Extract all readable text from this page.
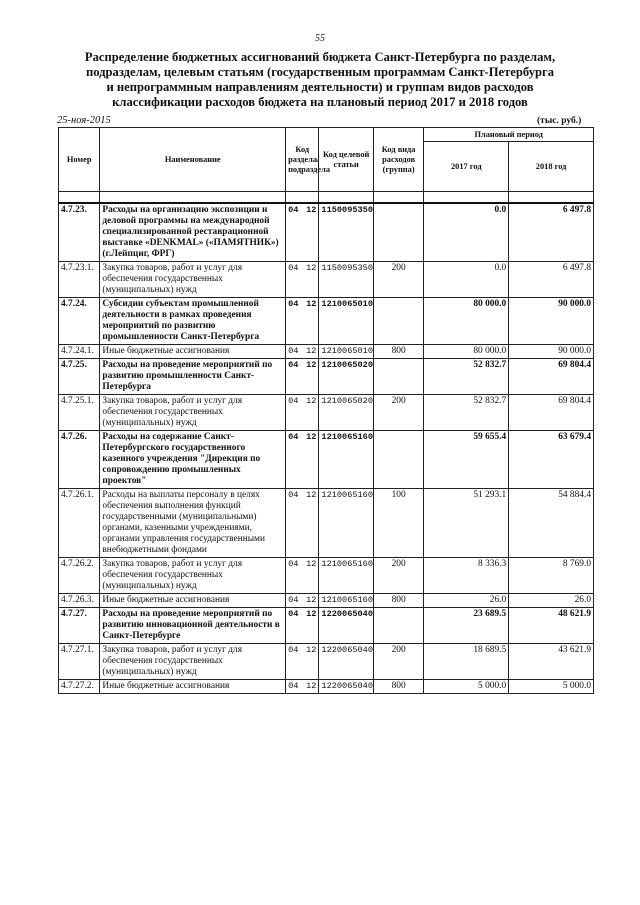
55
Распределение бюджетных ассигнований бюджета Санкт-Петербурга по разделам,
подразделам, целевым статьям (государственным программам Санкт-Петербурга
и непрограммным направлениям деятельности) и группам видов расходов
классификации расходов бюджета на плановый период 2017 и 2018 годов
25-ноя-2015	(тыс. руб.)
Номер	Наименование	Код раздела/ подраздела	Код целевой статьи	Код вида расходов (группа)	Плановый период	
					2017 год	2018 год

4.7.23.	Расходы на организацию экспозиции и деловой программы на международной специализированной реставрационной выставке «DENKMAL» («ПАМЯТНИК») (г.Лейпциг, ФРГ)	04 12	1150095350		0.0	6 497.8
4.7.23.1.	Закупка товаров, работ и услуг для обеспечения государственных (муниципальных) нужд	04 12	1150095350	200	0.0	6 497.8
4.7.24.	Субсидии субъектам промышленной деятельности в рамках проведения мероприятий по развитию промышленности Санкт-Петербурга	04 12	1210065010		80 000.0	90 000.0
4.7.24.1.	Иные бюджетные ассигнования	04 12	1210065010	800	80 000.0	90 000.0
4.7.25.	Расходы на проведение мероприятий по развитию промышленности Санкт-Петербурга	04 12	1210065020		52 832.7	69 804.4
4.7.25.1.	Закупка товаров, работ и услуг для обеспечения государственных (муниципальных) нужд	04 12	1210065020	200	52 832.7	69 804.4
4.7.26.	Расходы на содержание Санкт-Петербургского государственного казенного учреждения "Дирекция по сопровождению промышленных проектов"	04 12	1210065160		59 655.4	63 679.4
4.7.26.1.	Расходы на выплаты персоналу в целях обеспечения выполнения функций государственными (муниципальными) органами, казенными учреждениями, органами управления государственными внебюджетными фондами	04 12	1210065160	100	51 293.1	54 884.4
4.7.26.2.	Закупка товаров, работ и услуг для обеспечения государственных (муниципальных) нужд	04 12	1210065160	200	8 336.3	8 769.0
4.7.26.3.	Иные бюджетные ассигнования	04 12	1210065160	800	26.0	26.0
4.7.27.	Расходы на проведение мероприятий по развитию инновационной деятельности в Санкт-Петербурге	04 12	1220065040		23 689.5	48 621.9
4.7.27.1.	Закупка товаров, работ и услуг для обеспечения государственных (муниципальных) нужд	04 12	1220065040	200	18 689.5	43 621.9
4.7.27.2.	Иные бюджетные ассигнования	04 12	1220065040	800	5 000.0	5 000.0
